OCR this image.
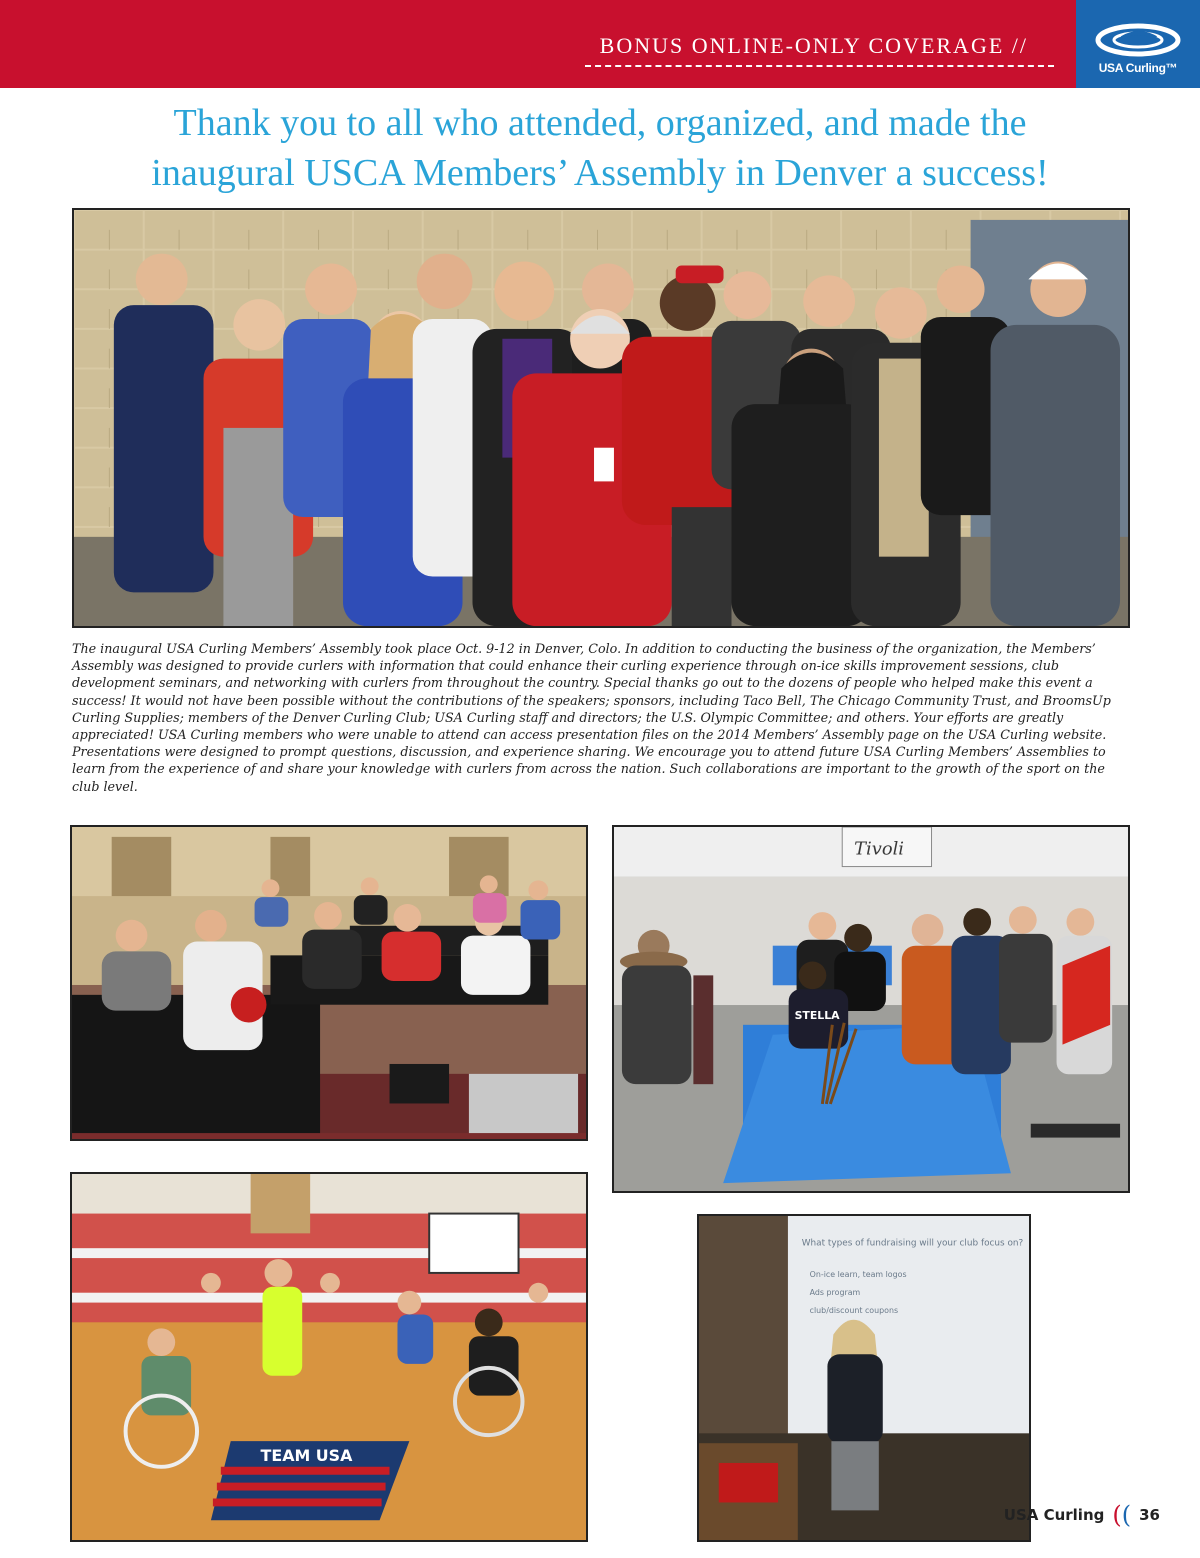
BONUS ONLINE-ONLY COVERAGE //
USA Curling™
Thank you to all who attended, organized, and made the
inaugural USCA Members’ Assembly in Denver a success!
The inaugural USA Curling Members’ Assembly took place Oct. 9-12 in Denver, Colo. In addition to conducting the business of the organization, the Members’ Assembly was designed to provide curlers with information that could enhance their curling experience through on-ice skills improvement sessions, club development seminars, and networking with curlers from throughout the country. Special thanks go out to the dozens of people who helped make this event a success! It would not have been possible without the contributions of the speakers; sponsors, including Taco Bell, The Chicago Community Trust, and BroomsUp Curling Supplies; members of the Denver Curling Club; USA Curling staff and directors; the U.S. Olympic Committee; and others. Your efforts are greatly appreciated! USA Curling members who were unable to attend can access presentation files on the 2014 Members’ Assembly page on the USA Curling website. Presentations were designed to prompt questions, discussion, and experience sharing. We encourage you to attend future USA Curling Members’ Assemblies to learn from the experience of and share your knowledge with curlers from across the nation. Such collaborations are important to the growth of the sport on the club level.
Tivoli
STELLA
TEAM USA
What types of fundraising will your club focus on?
On-ice learn, team logos
Ads program
club/discount coupons
USA Curling (( 36
